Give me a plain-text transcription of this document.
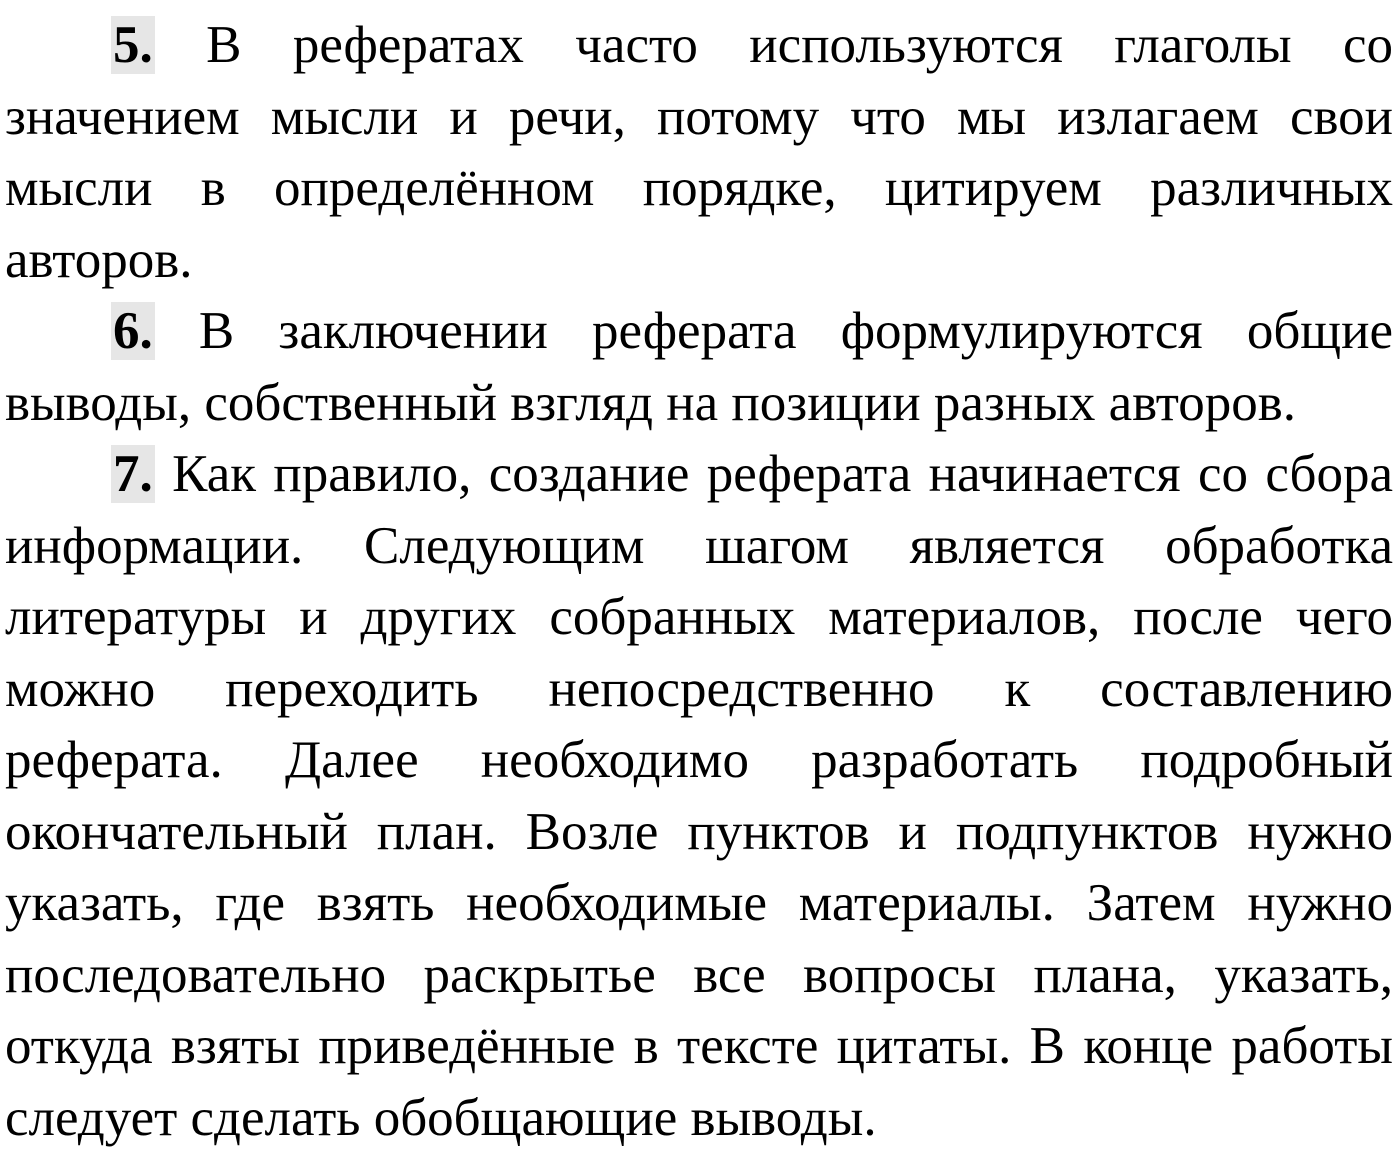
5. В рефератах часто используются глаголы со значением мысли и речи, потому что мы излагаем свои мысли в определённом порядке, цитируем различных авторов.

6. В заключении реферата формулируются общие выводы, собственный взгляд на позиции разных авторов.

7. Как правило, создание реферата начинается со сбора информации. Следующим шагом является обработка литературы и других собранных материалов, после чего можно переходить непосредственно к составлению реферата. Далее необходимо разработать подробный окончательный план. Возле пунктов и подпунктов нужно указать, где взять необходимые материалы. Затем нужно последовательно раскрытье все вопросы плана, указать, откуда взяты приведённые в тексте цитаты. В конце работы следует сделать обобщающие выводы.
